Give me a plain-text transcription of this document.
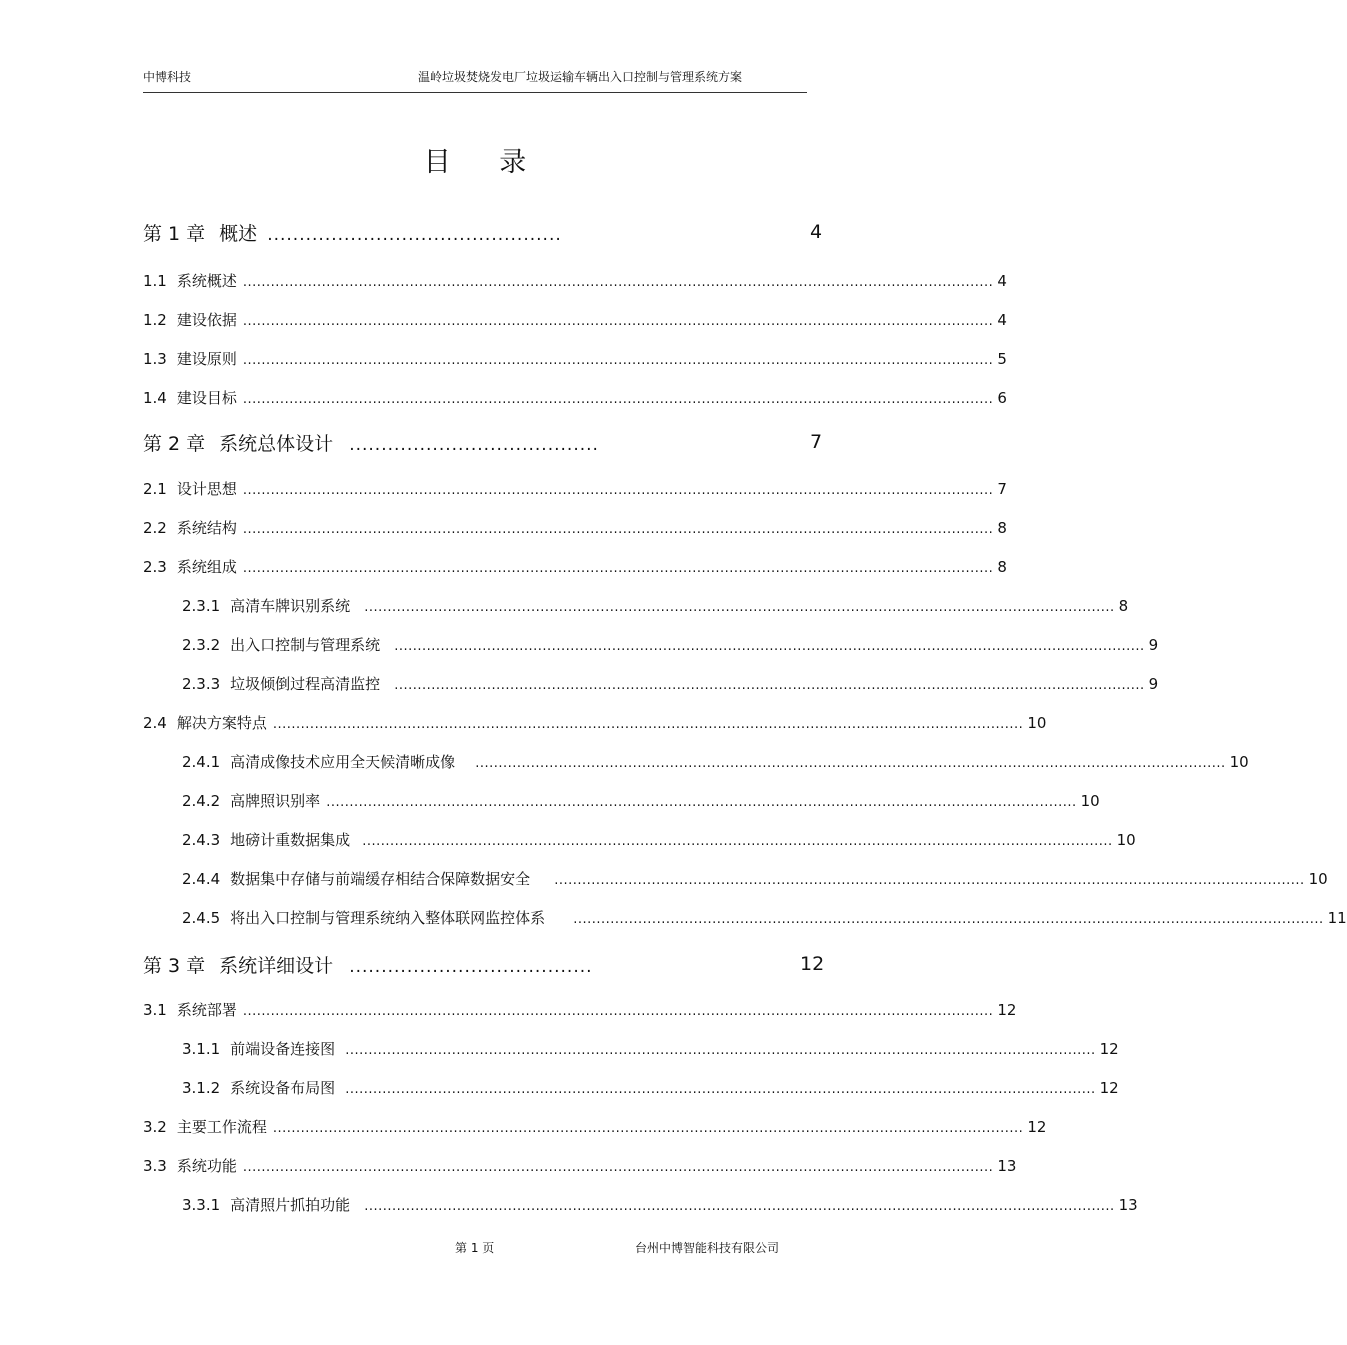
中博科技	温岭垃圾焚烧发电厂垃圾运输车辆出入口控制与管理系统方案
目 录
第 1 章 概述 ..............................................	4
1.1 系统概述 .................................................................................................................................................................. 4
1.2 建设依据 .................................................................................................................................................................. 4
1.3 建设原则 .................................................................................................................................................................. 5
1.4 建设目标 .................................................................................................................................................................. 6
第 2 章 系统总体设计 .......................................	7
2.1 设计思想 .................................................................................................................................................................. 7
2.2 系统结构 .................................................................................................................................................................. 8
2.3 系统组成 .................................................................................................................................................................. 8
2.3.1 高清车牌识别系统 .................................................................................................................................................................. 8
2.3.2 出入口控制与管理系统 .................................................................................................................................................................. 9
2.3.3 垃圾倾倒过程高清监控 .................................................................................................................................................................. 9
2.4 解决方案特点 .................................................................................................................................................................. 10
2.4.1 高清成像技术应用全天候清晰成像 .................................................................................................................................................................. 10
2.4.2 高牌照识别率 .................................................................................................................................................................. 10
2.4.3 地磅计重数据集成 .................................................................................................................................................................. 10
2.4.4 数据集中存储与前端缓存相结合保障数据安全 .................................................................................................................................................................. 10
2.4.5 将出入口控制与管理系统纳入整体联网监控体系 .................................................................................................................................................................. 11
第 3 章 系统详细设计 ......................................	12
3.1 系统部署 .................................................................................................................................................................. 12
3.1.1 前端设备连接图 .................................................................................................................................................................. 12
3.1.2 系统设备布局图 .................................................................................................................................................................. 12
3.2 主要工作流程 .................................................................................................................................................................. 12
3.3 系统功能 .................................................................................................................................................................. 13
3.3.1 高清照片抓拍功能 .................................................................................................................................................................. 13
第 1 页	台州中博智能科技有限公司
